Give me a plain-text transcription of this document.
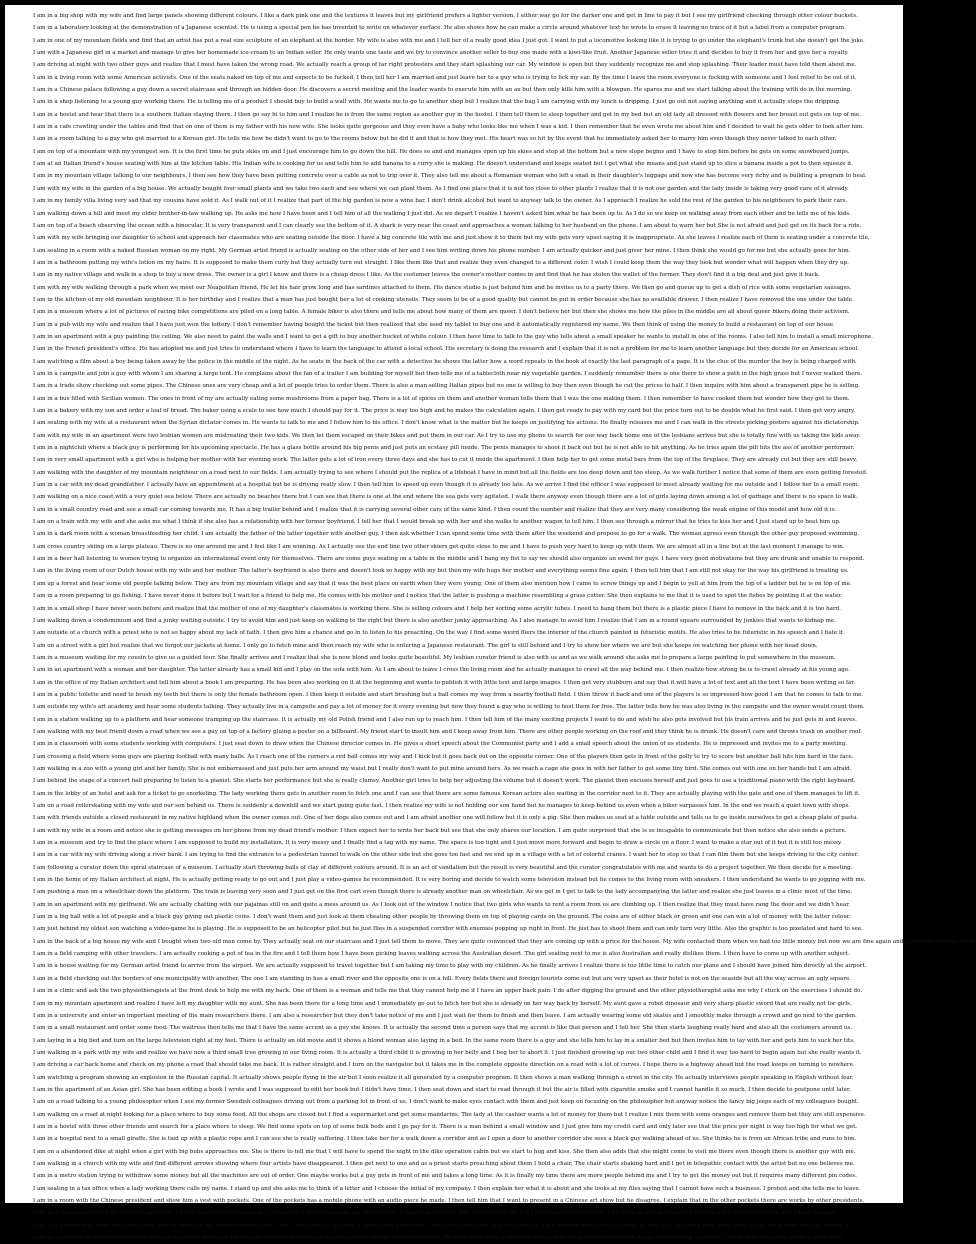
I am in a big shop with my wife and find large panels showing different colours. I like a dark pink one and the textures it leaves but my girlfriend prefers a lighter version. I either way go for the darker one and get in line to pay it but I see my girlfriend checking through other colour buckets.
I am in a laboratory looking at the demonstration of a Japanese scientist. He is using a special pen he has invented to write on whatever surface. He also shows how he can make a circle around whatever text he wrote to erase it leaving no trace of it but a label from a computer program.
I am in one of my mountain fields and find that an artist has put a real size sculpture of an elephant at the border. My wife is also with me and I tell her of a really good idea I just got. I want to put a locomotive looking like it is trying to go under the elephant's trunk but she doesn't get the joke.
I am with a Japanese girl in a market and manage to give her homemade ice-cream to an Indian seller. He only wants one taste and we try to convince another seller to buy one made with a kiwi-like fruit. Another Japanese seller tries it and decides to buy it from her and give her a royalty.
I am driving at night with two other guys and realize that I must have taken the wrong road. We actually reach a group of far right protesters and they start splashing our car. My window is open but they suddenly recognize me and stop splashing. Their leader must have told them about me.
I am in a living room with some American activists. One of the seats naked on top of me and expects to be fucked. I then tell her I am married and just leave her to a guy who is trying to lick my ear. By the time I leave the room everyone is fucking with someone and I feel relief to be out of it.
I am in a Chinese palace following a guy down a secret staircase and through an hidden door. He discovers a secret meeting and the leader wants to execute him with an ax but then only kills him with a blowgun. He spares me and we start talking about the training with do in the morning.
I am in a shop listening to a young guy working there. He is telling me of a product I should buy to build a wall with. He wants me to go to another shop but I realize that the bag I am carrying with my lunch is dripping. I just go out not saying anything and it actually stops the dripping.
I am in a hostel and hear that there is a southern Italian staying there. I then go say hi to him and I realize he is from the same region as another guy in the hostel. I then tell them to sleep together and get in my bed but an old lady all dressed with flowers and her breast out gets on top of me.
I am in a cafe crawling under the tables and find that on one of them is my father with his new wife. She looks quite gorgeous and they even have a baby who looks like me when I was a kid. I then remember that he even wrote me about him and I decided to wait he gets older to look after him.
I am in a room talking to a guy who got married to a Korean girl. He tells me how he didn't want to go to the rooms below but he did it and that is how they met. His heart was so hit by the event that he immediately asked her to marry him even though they never talked to each other.
I am on top of a mountain with my youngest son. It is the first time he puts skies on and I just encourage him to go down the hill. He does so and and manages open up his skies and stop at the bottom but a new slope begins and I have to stop him before he gets on some snowboard jumps.
I am at an Italian friend's house seating with him at the kitchen table. His Indian wife is cooking for us and tells him to add banana to a curry she is making. He doesn't understand and keeps seated but I get what she means and just stand up to slice a banana inside a pot to then squeeze it.
I am in my mountain village talking to our neighbours. I then see how they have been putting concrete over a cable as not to trip over it. They also tell me about a Romanian woman who left a snail in their daughter's luggage and now she has become very itchy and is building a program to heal.
I am with my wife in the garden of a big house. We actually bought four small plants and we take two each and see where we can plant them. As I find one place that it is not too close to other plants I realize that it is not our garden and the lady inside is taking very good care of it already.
I am in my family villa living very sad that my cousins have sold it. As I walk out of it I realize that part of the big garden is now a wine bar. I don't drink alcohol but want to anyway talk to the owner. As I approach I realize he sold the rest of the garden to his neighbours to park their cars.
I am walking down a hill and meet my older brother-in-law walking up. He asks me how I have been and I tell him of all the walking I just did. As we depart I realize I haven't asked him what he has been up to. As I do so we keep on walking away from each other and he tells me of his kids.
I am on top of a beach observing the ocean with a binocular. It is very transparent and I can clearly see the bottom of it. A shark is very near the coast and approaches a woman talking to her husband on the phone. I am about to warn her but She is not afraid and just get on its back for a ride.
I am with my wife bringing our daughter to school and approach her classmates who are seating outside the door. I have a big concrete tile with me and just show it to them but my wife gets very upset saying it is inappropriate. As she leaves I realize each of them is seating under a concrete tile.
I am seating in a room with a naked Russian woman on my right. My German artist friend is actually seating on the other side of her and I see him writing down his phone number. I am actually quicker and just giver her mine. I then think she would go for me but she actually goes for him.
I am in a bathroom putting my wife's lotion on my hairs. It is supposed to make them curly but they actually turn out straight. I like them like that and realize they even changed to a different color. I wish I could keep them the way they look but wonder what will happen when they dry up.
I am in my native village and walk in a shop to buy a new dress. The owner is a girl I know and there is a cheap dress I like. As the costumer leaves the owner's mother comes in and find that he has stolen the wallet of the former. They don't find it a big deal and just give it back.
I am with my wife walking through a park when we meet our Neapolitan friend. He let his hair grow long and has sardines attached to them. His dance studio is just behind him and he invites us to a party there. We then go and queue up to get a dish of rice with some vegetarian sausages.
I am in the kitchen of my old mountain neighbour. It is her birthday and I realize that a man has just bought her a lot of cooking utensils. They seem to be of a good quality but cannot be put in order because she has no available drawer. I then realize I have removed the one under the table.
I am in a museum where a lot of pictures of racing bike competitions are piled on a long table. A female biker is also there and tells me about how many of them are queer. I don't believe her but then she shows me how the piles in the middle are all about queer bikers doing their activism.
I am in a pub with my wife and realize that I have just won the lottery. I don't remember having bought the ticket but then realized that she used my tablet to buy one and it automatically registered my name. We then think of using the money to build a restaurant on top of our house.
I am in an apartment with a guy painting the ceiling. We also need to paint the walls and I want to get a gift to buy another bucket of white colour. I then have time to talk to the guy who tells about a small speaker he wants to install in one of the rooms. I also tell him to install a small microphone.
I am in the French president's office. He has adopted me and just tries to understand where I have to learn the language to attend a local school. His secretary is doing the research and I explain that it is not a problem for me to learn another language but they decide for an American school.
I am watching a film about a boy being taken away by the police in the middle of the night. As he seats in the back of the car with a detective he shows the latter how a word repeats in the book at exactly the last paragraph of a page. It is the clue of the murder the boy is being charged with.
I am in a campsite and join a guy with whom I am sharing a large tent. He complains about the fan of a trailer I am building for myself but then tells me of a tablecloth near my vegetable garden. I suddenly remember there is one there to show a path in the high grass but I never walked there.
I am in a trade show checking out some pipes. The Chinese ones are very cheap and a lot of people tries to order them. There is also a man selling Italian pipes but no one is willing to buy then even though he cut the prices to half. I then inquire with him about a transparent pipe he is selling.
I am in a bus filled with Sicilian women. The ones in front of my are actually eating some mushrooms from a paper bag. There is a lot of spices on them and another woman tells them that I was the one making them. I then remember to have cooked them but wonder how they got to them.
I am in a bakery with my son and order a loaf of bread. The baker using a scale to see how much I should pay for it. The price is way too high and he makes the calculation again. I then get ready to pay with my card but the price turn out to be double what he first said. I then get very angry.
I am seating with my wife at a restaurant when the Syrian dictator comes in. He wants to talk to me and I follow him to his office. I don't know what is the matter but he keeps on justifying his actions. He finally releases me and I can walk in the streets picking posters against his dictatorship.
I am with my wife in an apartment were two lesbian women are mistreating their two kids. We then let them escaped on their bikes and put them in our car. As I try to use my phone to search for our way back home one of the lesbians arrives but she is totally fine with us taking the kids away.
I am in a nightclub where a black guy is performing for his upcoming spectacle. He has a glass bottle around his big penis and just puts an ecstasy pill inside. The penis manages to shoot it back out but he is not able to hit anything. As he tries again the pill hits the ass of another performer.
I am in very small apartment with a girl who is helping her mother with her evening work. The latter gets a lot of iron every three days and she has to cut it inside the apartment. I then help her to get some metal bars from the top of the fireplace. They are already cut but they are still heavy.
I am walking with the daughter of my mountain neighbour on a road next to our fields. I am actually trying to see where I should put the replica of a lifeboat I have in mind but all the fields are too deep down and too steep. As we walk further I notice that some of them are even getting forested.
I am in a car with my dead grandfather. I actually have an appointment at a hospital but he is driving really slow. I then tell him to speed up even though it is already too late. As we arrive I find the officer I was supposed to meet already waiting for me outside and I follow her to a small room.
I am walking on a nice coast with a very quiet sea below. There are actually no beaches there but I can see that there is one at the end where the sea gets very agitated. I walk there anyway even though there are a lot of girls laying down among a lot of garbage and there is no space to walk.
I am in a small country road and see a small car coming towards me. It has a big trailer behind and I realize that it is carrying several other cars of the same kind. I then count the number and realize that they are very many considering the weak engine of this model and how old it is.
I am on a train with my wife and she asks me what I think if she also has a relationship with her former boyfriend. I tell her that I would break up with her and she walks to another wagon to tell him. I then see through a mirror that he tries to kiss her and I just stand up to beat him up.
I am in a dark room with a woman breastfeeding her child. I am actually the father of the latter together with another guy. I then ask whether I can spend some time with them after the weekend and propose to go for a walk. The woman agrees even though the other guy proposed swimming.
I am cross country skiing on a large plateau. There is no one around me and I feel like I am winning. As I actually see the end line two other skiers get quite close to me and I have to push very hard to keep up with them. We are almost all in a line but at the last moment I manage to win.
I am in a beer hall listening to women trying to organize an international event only for themselves. There are some guys seating on a table in the middle and I bang my fist to say we should also organize an event for guys. I have very good motivations but they are drunk and unable to respond.
I am in the living room of our Dutch house with my wife and her mother. The latter's boyfriend is also there and doesn't look so happy with my but then my wife hugs her mother and everything seems fine again. I then tell him that I am still not okay for the way his girlfriend is treating us.
I am up a forest and hear some old people talking below. They are from my mountain village and say that it was the best place on earth when they were young. One of them also mention how I came to screw things up and I begin to yell at him from the top of a ladder but he is on top of me.
I am in a room preparing to go fishing. I have never done it before but I wait for a friend to help me. He comes with his mother and I notice that the latter is pushing a machine resembling a grass cutter. She then explains to me that it is used to spot the fishes by pointing it at the water.
I am in a small shop I have never seen before and realize that the mother of one of my daughter's classmates is working there. She is selling colours and I help her sorting some acrylic tubes. I need to hang them but there is a plastic piece I have to remove in the back and it is too hard.
I am walking down a condominium and find a junky waiting outside. I try to avoid him and just keep on walking to the right but there is also another junky approaching. As I also manage to avoid him I realize that I am in a round square surrounded by junkies that wants to kidnap me.
I am outside of a church with a priest who is not so happy about my lack of faith. I then give him a chance and go in to listen to his preaching. On the way I find some weird fliers the interior of the church painted in futuristic motifs. He also tries to be futuristic in his speech and I hate it.
I am on a street with a girl but realize that we forgot our jackets at home. I only go to fetch mine and then reach my wife who is entering a Japanese restaurant. The girl is still behind and I try to show her where we are but she keeps on watching her phone with her head down.
I am in a museum waiting for my cousin to give us a guided tour. She finally arrives and I realize that she is now blond and looks quite beautiful. My lesbian curator friend is also with us and as we walk around she asks me to prepare a large painting to put somewhere in the museum.
I am in an apartment with a woman and her daughter. The latter already has a small kid and I play on the sofa with him. As I am about to leave I cross the living room and he actually manages to crawl all the way behind me. I then realize how strong he is to crawl already at his young age.
I am in the office of my Italian architect and tell him about a book I am preparing. He has been also working on it at the beginning and wants to publish it with little text and large images. I then get very stubborn and say that it will have a lot of text and all the text I have been writing so far.
I am in a public toilette and need to brush my teeth but there is only the female bathroom open. I then keep it outside and start brushing but a ball comes my way from a nearby football field. I then throw it back and one of the players is so impressed how good I am that he comes to talk to me.
I am outside my wife's art academy and hear some students talking. They actually live in a campsite and pay a lot of money for it every evening but now they found a guy who is willing to host them for free. The latter tells how he was also living in the campsite and the owner would count them.
I am in a station walking up to a platform and hear someone tramping up the staircase. It is actually my old Polish friend and I also run up to reach him. I then tell him of the many exciting projects I want to do and wish he also gets involved but his train arrives and he just gets in and leaves.
I am walking with my best friend down a road when we see a guy on top of a factory gluing a poster on a billboard. My friend start to insult him and I keep away from him. There are other people working on the roof and they think he is drunk. He doesn't care and throws trash on another roof.
I am in a classroom with some students working with computers. I just seat down to draw when the Chinese director comes in. He gives a short speech about the Communist party and I add a small speech about the union of us students. He is impressed and invites me to a party meeting.
I am crossing a field where some guys are playing football with many balls. As I reach one of the corners a red ball comes my way and I kick but it goes back out on the opposite corner. One of the players then gets in front of the golly to try to score but another ball hits him hard in the face.
I am walking in a zoo with a young girl and her family. She is not embarrassed and just puts her arm around my waist but I really don't want to put mine around hers. As we reach a cage she goes in with her father to get some tiny bird. She comes out with one on her hands but I am afraid.
I am behind the stage of a concert hall preparing to listen to a pianist. She starts her performance but she is really clumsy. Another girl tries to help her adjusting the volume but it doesn't work. The pianist then excuses herself and just goes to use a traditional piano with the right keyboard.
I am in the lobby of an hotel and ask for a ticket to go snorkeling. The lady working there gets in another room to fetch one and I can see that there are some famous Korean actors also waiting in the corridor next to it. They are actually playing with the gate and one of them manages to lift it.
I am on a road rollerskating with my wife and our son behind us. There is suddenly a downhill and we start going quite fast. I then realize my wife is not holding our son hand but he manages to keep behind us even when a biker surpasses him. In the end we reach a quiet town with shops.
I am with friends outside a closed restaurant in my native highland when the owner comes out. One of her dogs also comes out and I am afraid another one will follow but it is only a pig. She then makes us seat at a table outside and tells us to go inside ourselves to get a cheap plate of pasta.
I am with my wife in a room and notice she is getting messages on her phone from my dead friend's mother. I then expect her to write her back but see that she only shares our location. I am quite surprised that she is so incapable to communicate but then notice she also sends a picture.
I am in a museum and try to find the place where I am supposed to build my installation. It is very messy and I finally find a tag with my name. The space is too tight and I just move more forward and begin to draw a circle on a floor. I want to make a star out of it but it is still too messy.
I am in a car with my wife driving along a river bank. I am trying to find the entrance to a pedestrian tunnel to walk on the other side but she goes too fast and we end up in a village with a lot of colorful cranes. I want her to stop so that I can film them but she keeps driving to the city center.
I am following a curator down the spiral staircase of a museum. I actually start throwing balls of clay of different colours around. It is an act of vandalism but the result is very beautiful and the curator congratulates with me and wants to do a project together. We then decide for a meeting.
I am in the home of my Italian architect at night. He is actually getting ready to go out and I just play a video-games he recommended. It is very boring and decide to watch some television instead but he comes to the living room with sneakers. I then understand he wants to go jogging with me.
I am pushing a man on a wheelchair down the platform. The train is leaving very soon and I just get on the first cart even though there is already another man on wheelchair. As we get in I get to talk to the lady accompanying the latter and realize she just leaves in a clinic most of the time.
I am in an apartment with my girlfriend. We are actually chatting with our pajamas still on and quite a mess around us. As I look out of the window I notice that two girls who wants to rent a room from us are climbing up. I then realize that they must have rang the door and we didn't hear.
I am in a big hall with a lot of people and a black guy giving out plastic coins. I don't want them and just look at them cheating other people by throwing them on top of playing cards on the ground. The coins are of either black or green and one can win a lot of money with the latter colour.
I am just behind my oldest son watching a video-game he is playing. He is supposed to be an helicopter pilot but he just flies in a suspended corridor with enemies popping up right in front. He just has to shoot them and can only turn very little. Also the graphic is too pixelated and hard to see.
I am in the back of a big house my wife and I bought when two old men come by. They actually seat on our staircase and I just tell them to move. They are quite convinced that they are coming up with a price for the house. My wife contacted them when we had too little money but now we are fine again and I just start cursing wood.
I am in a field camping with other travelers. I am actually cooking a pot of tea in the fire and I tell them how I have been picking leaves walking across the Australian desert. The girl seating next to me is also Australian and really dislikes them. I then have to come up with another subject.
I am in a house waiting for my German artist friend to arrive from the airport. We are actually supposed to travel together but I am taking my time to play with my children. As he finally arrives I realize there is too little time to catch our plane and I should have joined him directly at the airport.
I am in a field checking out the borders of one municipality with another. The one I am standing in has a small river and the opposite one is on a hill. Every fields there and foreign tourists come out but are very upset as their hotel is not on the seaside but all the way across an ugly square.
I am in a clinic and ask the two physiotherapists at the front desk to help me with my back. One of them is a woman and tells me that they cannot help me if I have an upper back pain. I do after digging the ground and the other physiotherapist asks me why I stuck on the exercises I should do.
I am in my mountain apartment and realize I have left my daughter with my aunt. She has been there for a long time and I immediately go out to fetch her but she is already on her way back by herself. My aunt gave a robot dinosaur and very sharp plastic sword that are really not for girls.
I am in a university and enter an important meeting of the main researchers there. I am also a researcher but they don't take notice of me and I just wait for them to finish and then leave. I am actually wearing some old skates and I smoothly make through a crowd and go next to the garden.
I am in a small restaurant and order some food. The waitress then tells me that I have the same accent as a guy she knows. It is actually the second time a person says that my accent is like that person and I tell her. She then starts laughing really hard and also all the costumers around us.
I am laying in a big bed and turn on the large television right at my feet. There is actually an old movie and it shows a blond woman also laying in a bed. In the same room there is a guy and she tells him to lay in a smaller bed but then invites him to lay with her and gets him to suck her tits.
I am walking in a park with my wife and realize we have now a third small tree growing in our living room. It is actually a third child it is growing in her belly and I beg her to abort it. I just finished growing up our two other child and I find it way too hard to begin again but she really wants it.
I am driving a car back home and check on my phone a road that should take me back. It is rather straight and I turn on the navigator but it takes me in the complete opposite direction on a road with a lot of curves. I hope there is a highway ahead but the road keeps on turning to nowhere.
I am watching a program showing an explosion in the Russian capital. It actually shows people flying in the air but I soon realize it all generated by a computer program. It then shows a man walking through a street in the city. He actually interviews people speaking in English without fear.
I am in the apartment of an Asian girl. She has been editing a book I wrote and I was supposed to edit her book but I didn't have time. I then seat down and start to read through it but the air is filled with cigarette smoke and I cannot handle it so much. I then decide to postpone until later.
I am on a road talking to a young philosopher when I see my former Swedish colleagues driving out from a parking lot in front of us. I don't want to make eyes contact with them and just keep on focusing on the philosopher but anyway notice the fancy big jeeps each of my colleagues bought.
I am walking on a road at night looking for a place where to buy some food. All the shops are closed but I find a supermarket and get some mandarins. The lady at the cashier wants a lot of money for them but I realize I mix them with some oranges and remove them but they are still expensive.
I am in a hostel with three other friends and search for a place where to sleep. We find some spots on top of some bulk beds and I go pay for it. There is a man behind a small window and I just give him my credit card and only later see that the price per night is way too high for what we get.
I am in a hospital next to a small giraffe. She is tied up with a plastic rope and I can see she is really suffering. I then take her for a walk down a corridor and as I open a door to another corridor she sees a black guy walking ahead of us. She thinks he is from an African tribe and runs to him.
I am on a abandoned dike at night when a girl with big bubs approaches me. She is there to tell me that I will have to spend the night in the dike operation cabin but we start to hug and kiss. She then also adds that she might come to visit me there even though there is another guy with me.
I am walking in a church with my wife and find different arrows showing where four artists have disappeared. I then get next to one and as a priest starts preaching about them I hold a chair. The chair starts shaking hard and I get in telepathic contact with the artist but no one believes me.
I am in a metro station trying to withdraw some money but all the machines are out of order. One maybe works but a guy gets in front of me and takes a long time. As it is finally my time there are more people behind me and I try to get the money out but it requires many different pin codes.
I am seating in a tax office when a lady working there calls my name. I stand up and she asks me to think of a letter and I choose the initial of my company. I then explain her what it is about and she looks at my files saying that I cannot have such a business. I protest and she tells me to leave.
I am in a room with the Chinese president and show him a vest with pockets. One of the pockets has a mobile phone with an audio piece he made. I then tell him that I want to present in a Chinese art show but he disagree. I explain that in the other pockets there are works by other presidents.
I am in a station searching for a train to go home. I try to read the information on a screen but I don't recognize any of the cities. A Japanese girl then tells me to follow her but I first have to buy a ticket. I try to do so at a machine but there is a lot of advertisement and I don't manage.
I am in a garden with three men discussing how to renovate the window outside their club. They think of applying a corrugated plaster but I explain to them that they first need to put a wooden frame in the outside so that they can use a long metal float to put the plaster straight around it.
I am in a car with my best friend driving through my native highland. He actually wants to bring me to my village even though I don't feel like it. We then drive down a dirt road and park in the middle of the forest. As we start walking we notice a small door on a rock where a witch lives.
